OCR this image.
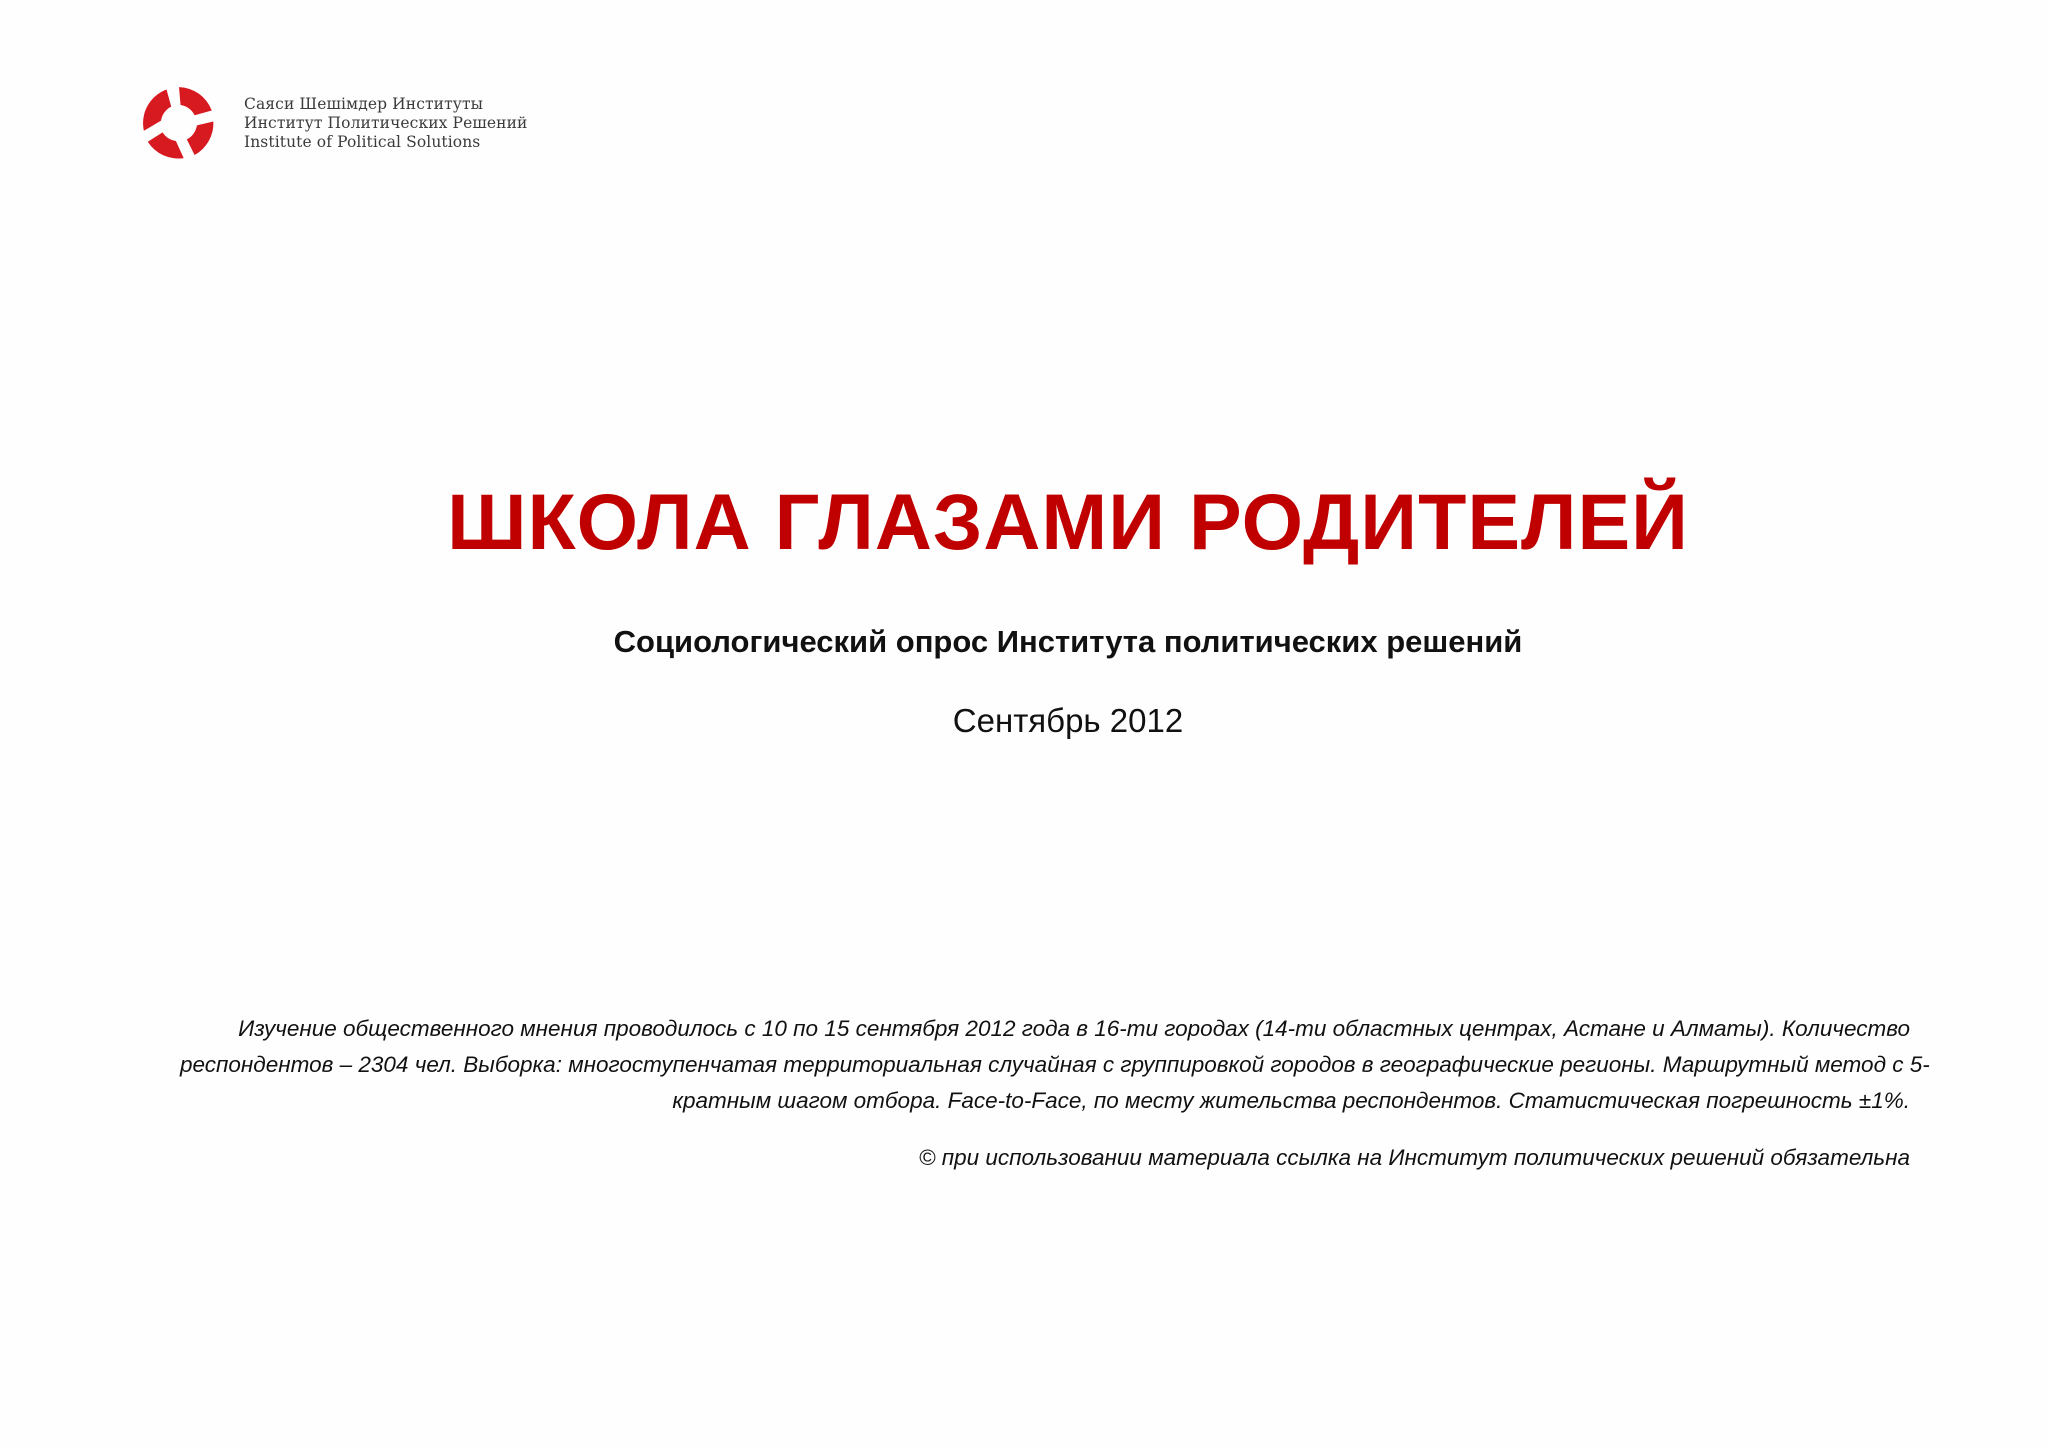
Саяси Шешімдер Институты
Институт Политических Решений
Institute of Political Solutions
ШКОЛА ГЛАЗАМИ РОДИТЕЛЕЙ
Социологический опрос Института политических решений
Сентябрь 2012
Изучение общественного мнения проводилось с 10 по 15 сентября 2012 года в 16-ти городах (14-ти областных центрах, Астане и Алматы). Количество
респондентов – 2304 чел. Выборка: многоступенчатая территориальная случайная с группировкой городов в географические регионы. Маршрутный метод с 5-
кратным шагом отбора. Face-to-Face, по месту жительства респондентов. Статистическая погрешность ±1%.
© при использовании материала ссылка на Институт политических решений обязательна
